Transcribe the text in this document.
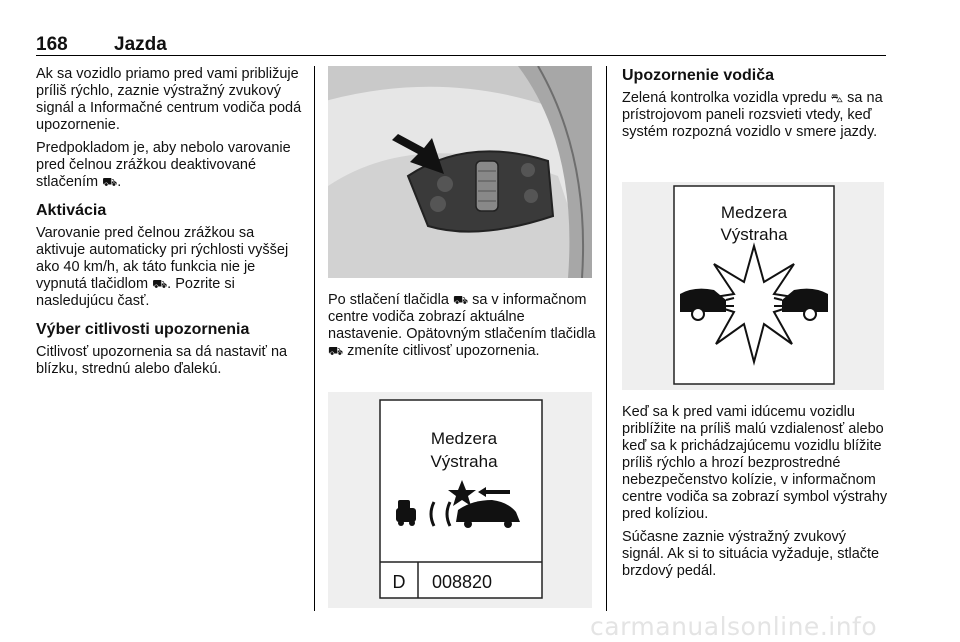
168 Jazda

Ak sa vozidlo priamo pred vami približuje príliš rýchlo, zaznie výstražný zvukový signál a Informačné centrum vodiča podá upozornenie.

Predpokladom je, aby nebolo varovanie pred čelnou zrážkou deaktivované stlačením ⛟.

Aktivácia

Varovanie pred čelnou zrážkou sa aktivuje automaticky pri rýchlosti vyššej ako 40 km/h, ak táto funkcia nie je vypnutá tlačidlom ⛟. Pozrite si nasledujúcu časť.

Výber citlivosti upozornenia

Citlivosť upozornenia sa dá nastaviť na blízku, strednú alebo ďalekú.

Po stlačení tlačidla ⛟ sa v informačnom centre vodiča zobrazí aktuálne nastavenie. Opätovným stlačením tlačidla ⛟ zmeníte citlivosť upozornenia.

Medzera
Výstraha
D 008820
Upozornenie vodiča

Zelená kontrolka vozidla vpredu ⛍ sa na prístrojovom paneli rozsvieti vtedy, keď systém rozpozná vozidlo v smere jazdy.

Medzera
Výstraha

Keď sa k pred vami idúcemu vozidlu priblížite na príliš malú vzdialenosť alebo keď sa k prichádzajúcemu vozidlu blížite príliš rýchlo a hrozí bezprostredné nebezpečenstvo kolízie, v informačnom centre vodiča sa zobrazí symbol výstrahy pred kolíziou.

Súčasne zaznie výstražný zvukový signál. Ak si to situácia vyžaduje, stlačte brzdový pedál.

carmanualsonline.info
